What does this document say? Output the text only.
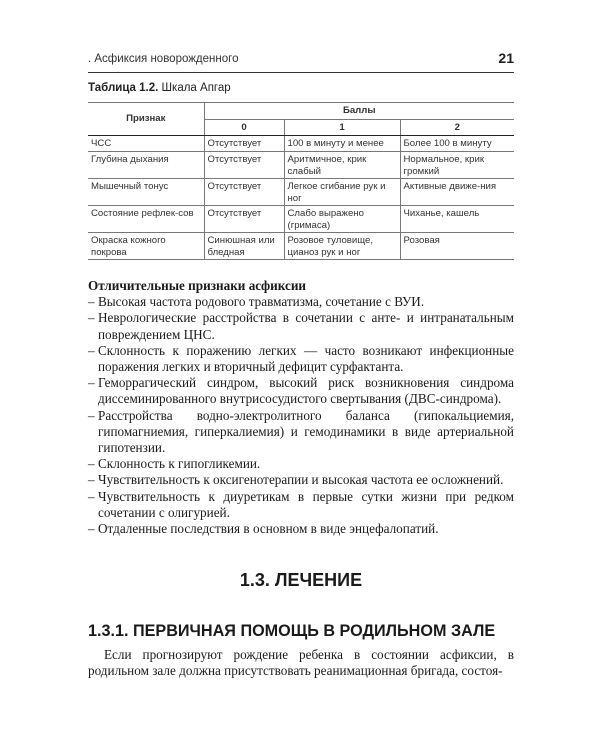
. Асфиксия новорожденного	21
Таблица 1.2. Шкала Апгар
Признак	Баллы		
	0	1	2
ЧСС	Отсутствует	100 в минуту и менее	Более 100 в минуту
Глубина дыхания	Отсутствует	Аритмичное, крик слабый	Нормальное, крик громкий
Мышечный тонус	Отсутствует	Легкое сгибание рук и ног	Активные движе-ния
Состояние рефлек-сов	Отсутствует	Слабо выражено (гримаса)	Чиханье, кашель
Окраска кожного покрова	Синюшная или бледная	Розовое туловище, цианоз рук и ног	Розовая

Отличительные признаки асфиксии

– Высокая частота родового травматизма, сочетание с ВУИ.
– Неврологические расстройства в сочетании с анте- и интранатальным повреждением ЦНС.
– Склонность к поражению легких — часто возникают инфекционные поражения легких и вторичный дефицит сурфактанта.
– Геморрагический синдром, высокий риск возникновения синдрома диссеминированного внутрисосудистого свертывания (ДВС-синдрома).
– Расстройства водно-электролитного баланса (гипокальциемия, гипомагниемия, гиперкалиемия) и гемодинамики в виде артериальной гипотензии.
– Склонность к гипогликемии.
– Чувствительность к оксигенотерапии и высокая частота ее осложнений.
– Чувствительность к диуретикам в первые сутки жизни при редком сочетании с олигурией.
– Отдаленные последствия в основном в виде энцефалопатий.
1.3. ЛЕЧЕНИЕ
1.3.1. ПЕРВИЧНАЯ ПОМОЩЬ В РОДИЛЬНОМ ЗАЛЕ

Если прогнозируют рождение ребенка в состоянии асфиксии, в родильном зале должна присутствовать реанимационная бригада, состоя-
